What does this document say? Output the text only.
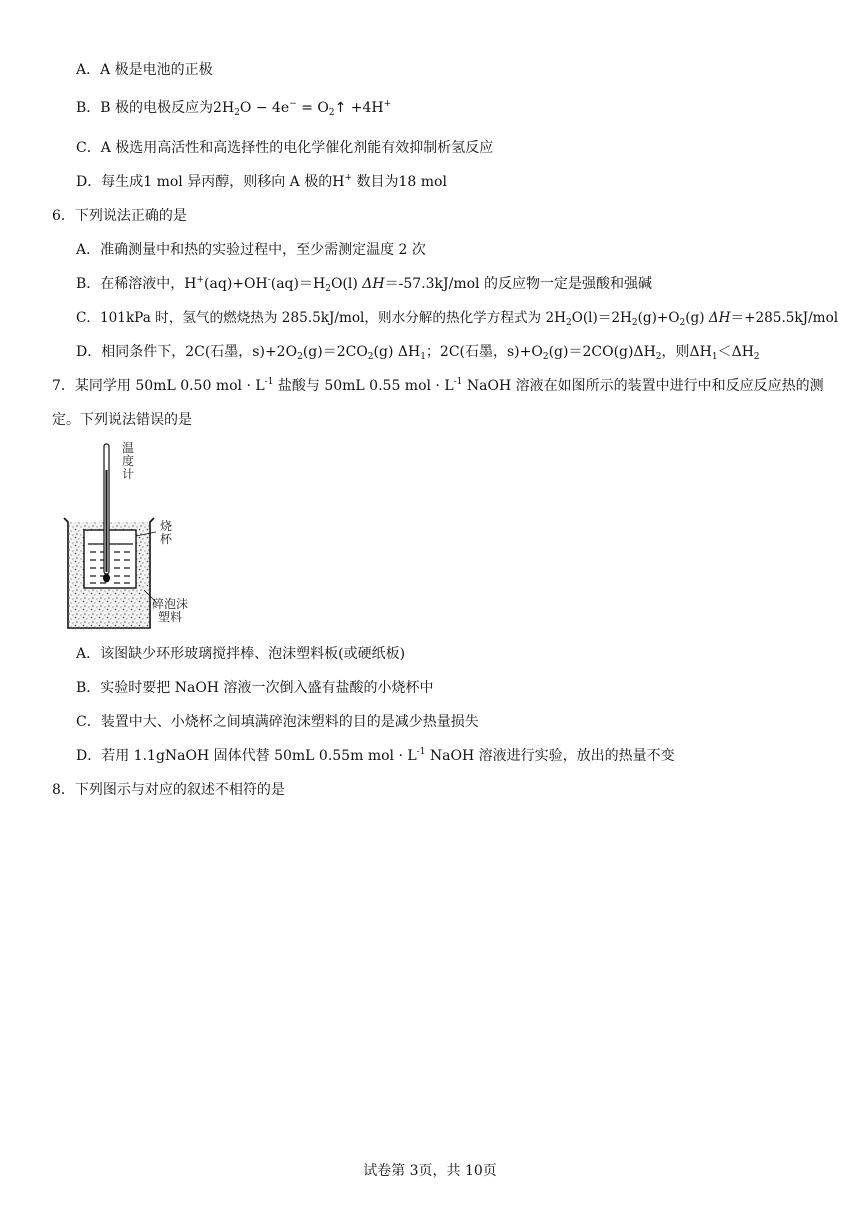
A．A 极是电池的正极
B．B 极的电极反应为$2H_2O - 4e^-$ = $O_2↑ +4H^+$
C．A 极选用高活性和高选择性的电化学催化剂能有效抑制析氢反应
D．每生成1 mol 异丙醇，则移向 A 极的H+ 数目为18 mol
6．下列说法正确的是
A．准确测量中和热的实验过程中，至少需测定温度 2 次
B．在稀溶液中，$H^+(aq)+OH^-(aq)=H_2O(l)$ ΔH＝-57.3kJ/mol 的反应物一定是强酸和强碱
C．101kPa 时，氢气的燃烧热为 285.5kJ/mol，则水分解的热化学方程式为 $2H_2O(l)=2H_2(g)+O_2(g)$ ΔH＝+285.5kJ/mol
D．相同条件下，2C(石墨，$s)+2O_2(g)=2CO_2(g)$ $\Delta H_1$；2C(石墨，$s)+O_2(g)=2CO(g)\Delta H_2$，则$\Delta H_1<\Delta H_2$
7．某同学用 50mL 0.50 mol · $L^{-1}$ 盐酸与 50mL 0.55 mol · $L^{-1}$ NaOH 溶液在如图所示的装置中进行中和反应反应热的测
定。下列说法错误的是
温度计
烧杯
碎泡沫
塑料
A．该图缺少环形玻璃搅拌棒、泡沫塑料板(或硬纸板)
B．实验时要把 NaOH 溶液一次倒入盛有盐酸的小烧杯中
C．装置中大、小烧杯之间填满碎泡沫塑料的目的是减少热量损失
D．若用 1.1gNaOH 固体代替 50mL 0.55m mol · $L^{-1}$ NaOH 溶液进行实验，放出的热量不变
8．下列图示与对应的叙述不相符的是
试卷第 3页，共 10页
